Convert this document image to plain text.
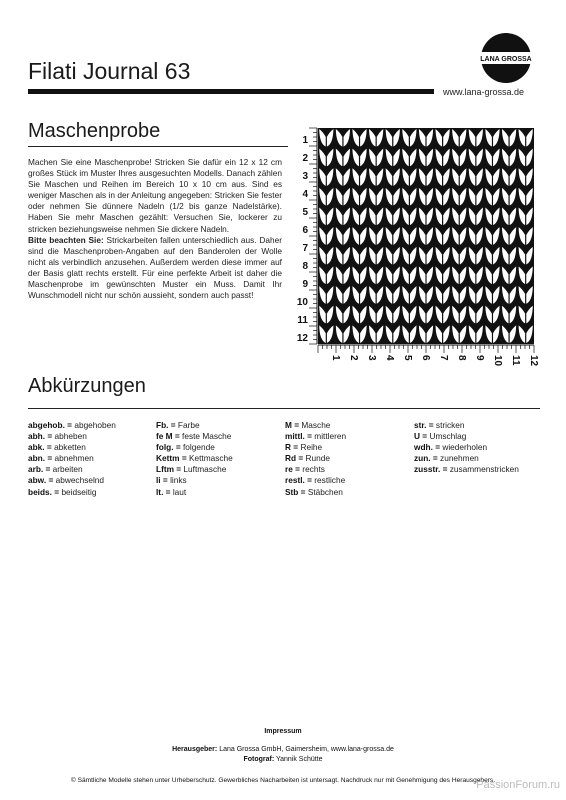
Filati Journal 63
www.lana-grossa.de
LANA GROSSA
Maschenprobe
Machen Sie eine Maschenprobe! Stricken Sie dafür ein 12 x 12 cm großes Stück im Muster Ihres ausgesuchten Modells. Danach zählen Sie Maschen und Reihen im Bereich 10 x 10 cm aus. Sind es weniger Maschen als in der Anleitung angegeben: Stricken Sie fester oder nehmen Sie dünnere Nadeln (1/2 bis ganze Nadelstärke). Haben Sie mehr Maschen gezählt: Versuchen Sie, lockerer zu stricken beziehungsweise nehmen Sie dickere Nadeln.
Bitte beachten Sie: Strickarbeiten fallen unterschiedlich aus. Daher sind die Maschenproben-Angaben auf den Banderolen der Wolle nicht als verbindlich anzusehen. Außerdem werden diese immer auf der Basis glatt rechts erstellt. Für eine perfekte Arbeit ist daher die Maschenprobe im gewünschten Muster ein Muss. Damit Ihr Wunschmodell nicht nur schön aussieht, sondern auch passt!
1
2
3
4
5
6
7
8
9
10
11
12
1 2 3 4 5 6 7 8 9 10 11 12
Abkürzungen
abgehob. = abgehoben
abh. = abheben
abk. = abketten
abn. = abnehmen
arb. = arbeiten
abw. = abwechselnd
beids. = beidseitig
Fb. = Farbe
fe M = feste Masche
folg. = folgende
Kettm = Kettmasche
Lftm = Luftmasche
li = links
lt. = laut
M = Masche
mittl. = mittleren
R = Reihe
Rd = Runde
re = rechts
restl. = restliche
Stb = Stäbchen
str. = stricken
U = Umschlag
wdh. = wiederholen
zun. = zunehmen
zusstr. = zusammenstricken
Impressum
Herausgeber: Lana Grossa GmbH, Gaimersheim, www.lana-grossa.de
Fotograf: Yannik Schütte
© Sämtliche Modelle stehen unter Urheberschutz. Gewerbliches Nacharbeiten ist untersagt. Nachdruck nur mit Genehmigung des Herausgebers.
PassionForum.ru
